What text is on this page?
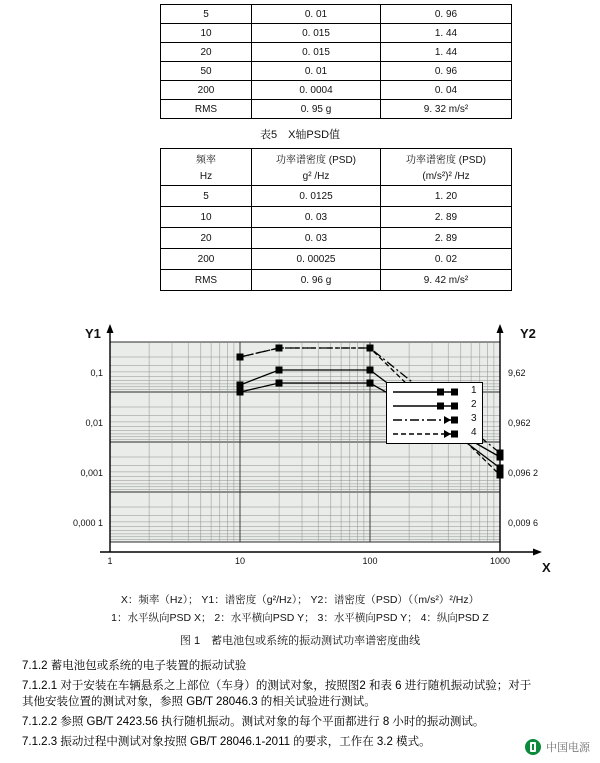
5	0. 01	0. 96
10	0. 015	1. 44
20	0. 015	1. 44
50	0. 01	0. 96
200	0. 0004	0. 04
RMS	0. 95 g	9. 32 m/s²
表5　X轴PSD值
频率	功率谱密度 (PSD)	功率谱密度 (PSD)
Hz	g² /Hz	(m/s²)² /Hz
5	0. 0125	1. 20
10	0. 03	2. 89
20	0. 03	2. 89
200	0. 00025	0. 02
RMS	0. 96 g	9. 42 m/s²
Y1	Y2
X
0,1
0,01
0,001
0,000 1
9,62
0,962
0,096 2
0,009 6
1	10	100	1000
1
2
3
4
X：频率（Hz）； Y1：谱密度（g²/Hz）； Y2：谱密度（PSD）（（m/s²）²/Hz）
1：水平纵向PSD X； 2：水平横向PSD Y； 3：水平横向PSD Y； 4：纵向PSD Z
图 1　蓄电池包或系统的振动测试功率谱密度曲线
7.1.2 蓄电池包或系统的电子装置的振动试验
7.1.2.1 对于安装在车辆悬系之上部位（车身）的测试对象，按照图2 和表 6 进行随机振动试验；对于
其他安装位置的测试对象，参照 GB/T 28046.3 的相关试验进行测试。
7.1.2.2 参照 GB/T 2423.56 执行随机振动。测试对象的每个平面都进行 8 小时的振动测试。
7.1.2.3 振动过程中测试对象按照 GB/T 28046.1-2011 的要求，工作在 3.2 模式。	中国电源
